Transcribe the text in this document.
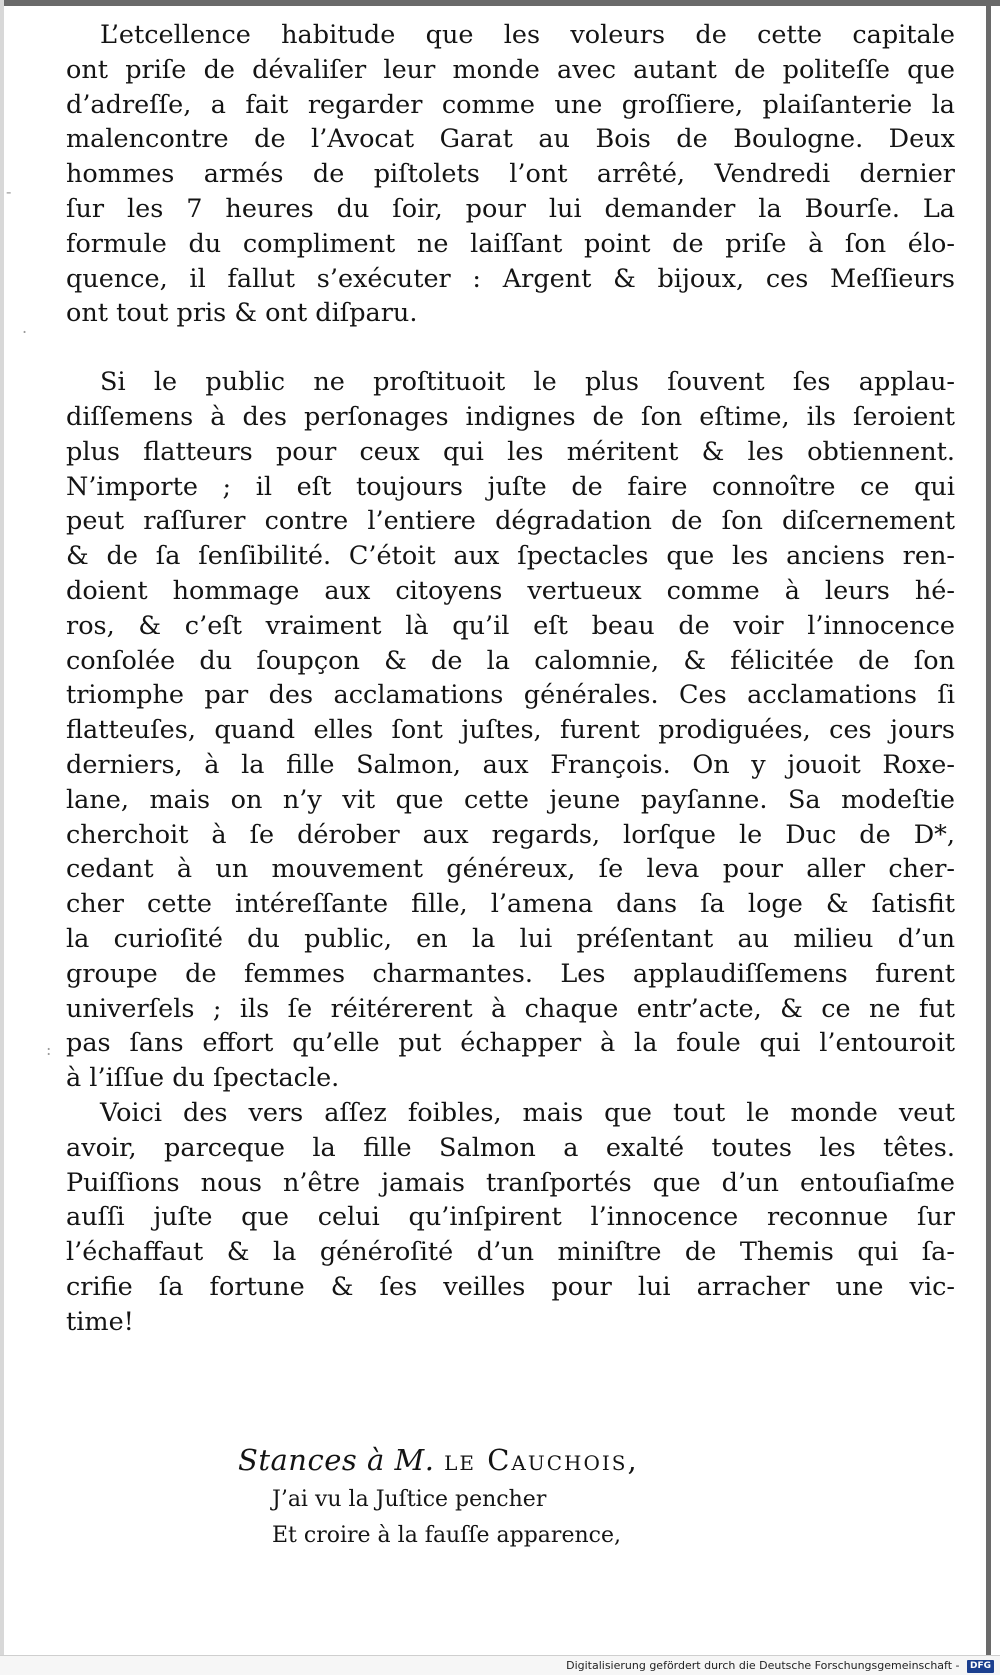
-
.
:
L’etcellence habitude que les voleurs de cette capitale
ont priſe de dévaliſer leur monde avec autant de politeſſe que
d’adreſſe, a fait regarder comme une groſſiere, plaiſanterie la
malencontre de l’Avocat Garat au Bois de Boulogne. Deux
hommes armés de piſtolets l’ont arrêté, Vendredi dernier
ſur les 7 heures du ſoir, pour lui demander la Bourſe. La
formule du compliment ne laiſſant point de priſe à ſon élo-
quence, il fallut s’exécuter : Argent & bijoux, ces Meſſieurs
ont tout pris & ont diſparu.
Si le public ne proſtituoit le plus ſouvent ſes applau-
diſſemens à des perſonages indignes de ſon eſtime, ils ſeroient
plus flatteurs pour ceux qui les méritent & les obtiennent.
N’importe ; il eſt toujours juſte de faire connoître ce qui
peut raſſurer contre l’entiere dégradation de ſon diſcernement
& de ſa ſenſibilité. C’étoit aux ſpectacles que les anciens ren-
doient hommage aux citoyens vertueux comme à leurs hé-
ros, & c’eſt vraiment là qu’il eſt beau de voir l’innocence
conſolée du ſoupçon & de la calomnie, & félicitée de ſon
triomphe par des acclamations générales. Ces acclamations ſi
flatteuſes, quand elles ſont juſtes, furent prodiguées, ces jours
derniers, à la fille Salmon, aux François. On y jouoit Roxe-
lane, mais on n’y vit que cette jeune payſanne. Sa modeſtie
cherchoit à ſe dérober aux regards, lorſque le Duc de D*,
cedant à un mouvement généreux, ſe leva pour aller cher-
cher cette intéreſſante fille, l’amena dans ſa loge & ſatisfit
la curioſité du public, en la lui préſentant au milieu d’un
groupe de femmes charmantes. Les applaudiſſemens furent
univerſels ; ils ſe réitérerent à chaque entr’acte, & ce ne fut
pas ſans effort qu’elle put échapper à la foule qui l’entouroit
à l’iſſue du ſpectacle.
Voici des vers aſſez foibles, mais que tout le monde veut
avoir, parceque la fille Salmon a exalté toutes les têtes.
Puiſſions nous n’être jamais tranſportés que d’un entouſiaſme
auſſi juſte que celui qu’inſpirent l’innocence reconnue ſur
l’échaffaut & la généroſité d’un miniſtre de Themis qui ſa-
crifie ſa fortune & ſes veilles pour lui arracher une vic-
time!
Stances à M. le Cauchois,
J’ai vu la Juſtice pencher
Et croire à la fauſſe apparence,
Digitalisierung gefördert durch die Deutsche Forschungsgemeinschaft - DFG
